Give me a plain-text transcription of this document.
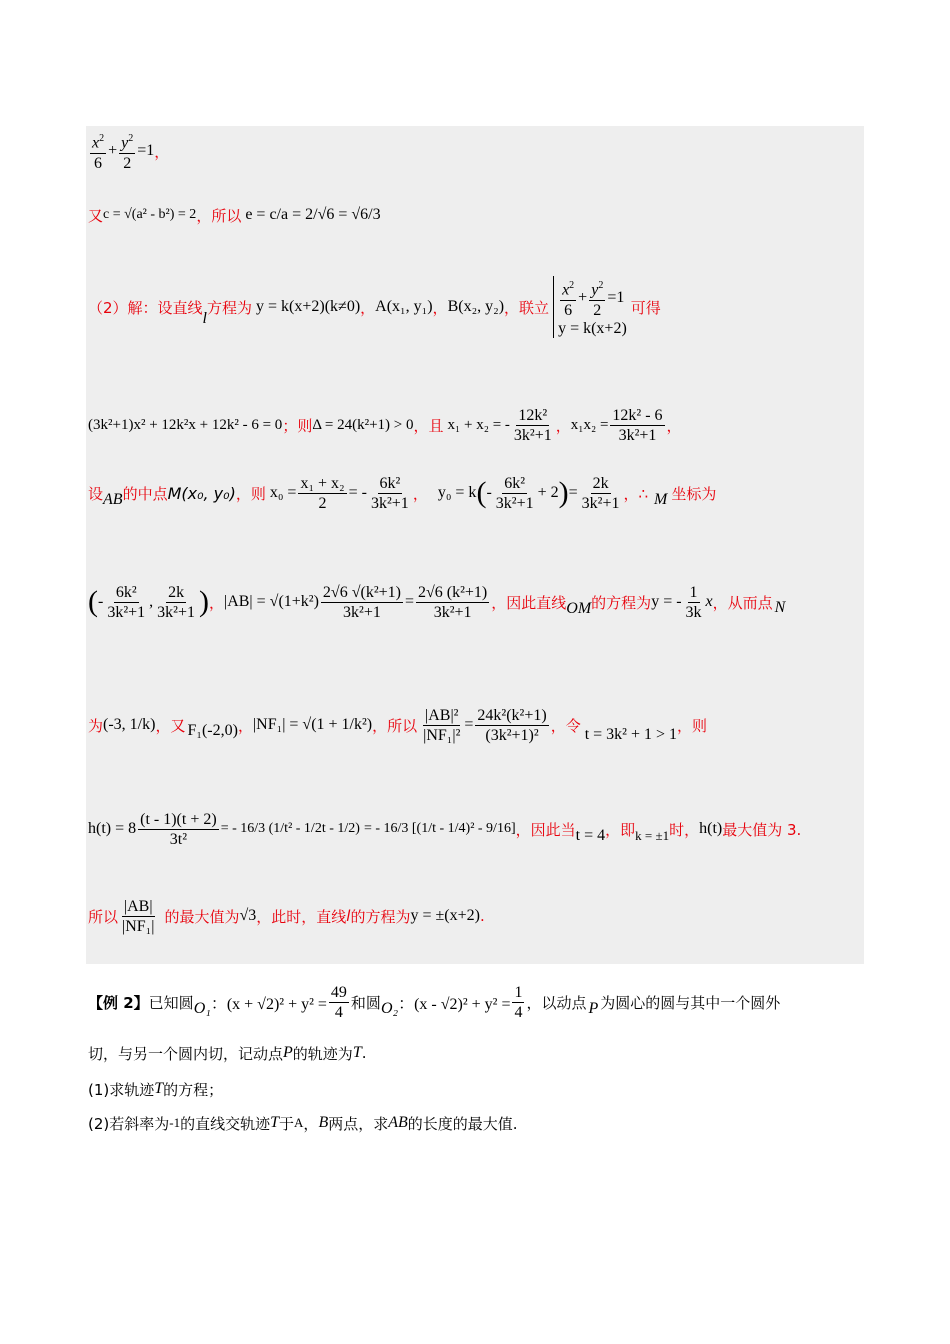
$\frac{x^2}{6} + \frac{y^2}{2} =1$ ，
又 c = √(a² - b²) = 2 ，所以 e = c/a = 2/√6 = √6/3
（2）解：设直线
l
方程为 y = k(x+2)(k≠0) ， A(x₁, y₁) ， B(x₂, y₂) ，联立 $\frac{x^2}{6} + \frac{y^2}{2} =1$
y = k(x+2)
可得
(3k²+1)x² + 12k²x + 12k² - 6 = 0 ；则 Δ = 24(k²+1) > 0 ，且 x₁ + x₂ = - $\frac{\text{12k²}}{\text{3k²+1}}$ ， $x_1x_2 = \frac{\text{12k² - 6}}{\text{3k²+1}}$ ，
设 AB 的中点 M(x₀, y₀) ，则 $x_0 = \frac{\text{x₁ + x₂}}{2}$ = - $\frac{\text{6k²}}{\text{3k²+1}}$ ， y₀ = k ( - $\frac{\text{6k²}}{\text{3k²+1}} + 2$ ) = $\frac{2k}{\text{3k²+1}}$ ，∴ M 坐标为
( - $\frac{\text{6k²}}{\text{3k²+1}}$ , $\frac{2k}{\text{3k²+1}}$ ) ， $|AB| = √(1+k^2) \frac{\text{2√6 √(k²+1)}}{\text{3k²+1}} = \frac{\text{2√6 (k²+1)}}{\text{3k²+1}}$ ，因此直线 OM 的方程为 y = - $\frac{1}{3k}$ x ，从而点 N
为 (-3, 1/k) ，又 F₁(-2,0) ， |NF₁| = √(1 + 1/k²) ，所以 $\frac{\text{|AB|²}}{\text{|NF₁|²}} = \frac{\text{24k²(k²+1)}}{\text{(3k²+1)²}}$ ，令 t = 3k² + 1 > 1 ，则
$h(t) = 8 \frac{(t - 1)(t + 2)}{\text{3t²}}$ = - 16/3 (1/t² - 1/2t - 1/2) = - 16/3 [(1/t - 1/4)² - 9/16] ，因此当 t = 4 ，即 k = ±1 时， h(t) 最大值为 3.
所以 $\frac{|AB|}{\text{|NF₁|}}$ 的最大值为 √3 ，此时，直线 l 的方程为 y = ±(x+2) .
【例 2】 已知圆 O₁ ：$(x + √2)^2 + y^2 = \frac{49}{4}$ 和圆 O₂ ：$(x - √2)^2 + y^2 = \frac{1}{4}$ ，以动点 P 为圆心的圆与其中一个圆外
切，与另一个圆内切，记动点 P 的轨迹为 T .
(1)求轨迹 T 的方程；
(2)若斜率为 -1 的直线交轨迹 T 于 A ， B 两点，求 AB 的长度的最大值.
